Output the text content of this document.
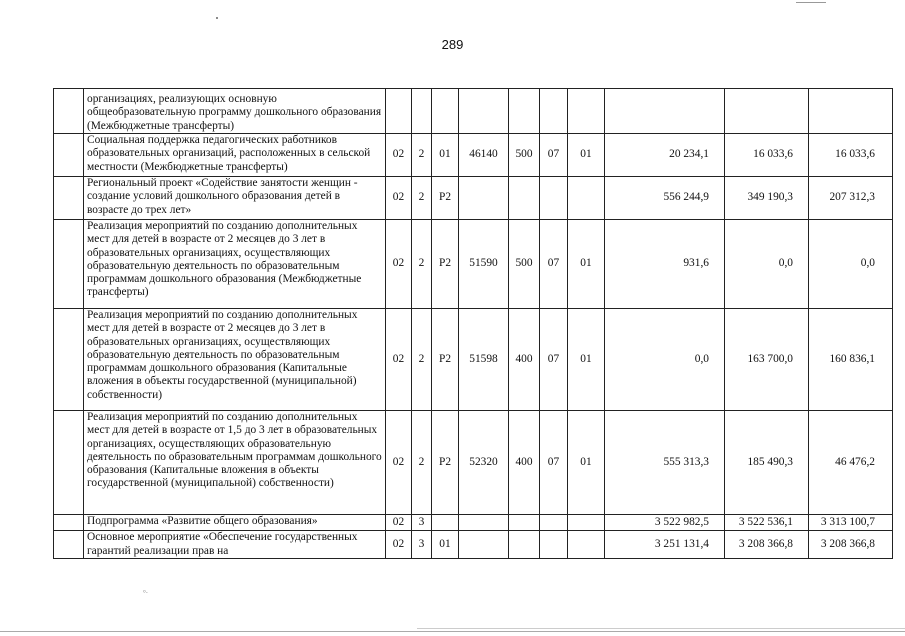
289
	организациях, реализующих основную общеобразовательную программу дошкольного образования (Межбюджетные трансферты)										
	Социальная поддержка педагогических работников образовательных организаций, расположенных в сельской местности (Межбюджетные трансферты)	02	2	01	46140	500	07	01	20 234,1	16 033,6	16 033,6
	Региональный проект «Содействие занятости женщин - создание условий дошкольного образования детей в возрасте до трех лет»	02	2	P2					556 244,9	349 190,3	207 312,3
	Реализация мероприятий по созданию дополнительных мест для детей в возрасте от 2 месяцев до 3 лет в образовательных организациях, осуществляющих образовательную деятельность по образовательным программам дошкольного образования (Межбюджетные трансферты)	02	2	P2	51590	500	07	01	931,6	0,0	0,0
	Реализация мероприятий по созданию дополнительных мест для детей в возрасте от 2 месяцев до 3 лет в образовательных организациях, осуществляющих образовательную деятельность по образовательным программам дошкольного образования (Капитальные вложения в объекты государственной (муниципальной) собственности)	02	2	P2	51598	400	07	01	0,0	163 700,0	160 836,1
	Реализация мероприятий по созданию дополнительных мест для детей в возрасте от 1,5 до 3 лет в образовательных организациях, осуществляющих образовательную деятельность по образовательным программам дошкольного образования (Капитальные вложения в объекты государственной (муниципальной) собственности)	02	2	P2	52320	400	07	01	555 313,3	185 490,3	46 476,2
	Подпрограмма «Развитие общего образования»	02	3						3 522 982,5	3 522 536,1	3 313 100,7
	Основное мероприятие «Обеспечение государственных гарантий реализации прав на	02	3	01					3 251 131,4	3 208 366,8	3 208 366,8
°·
